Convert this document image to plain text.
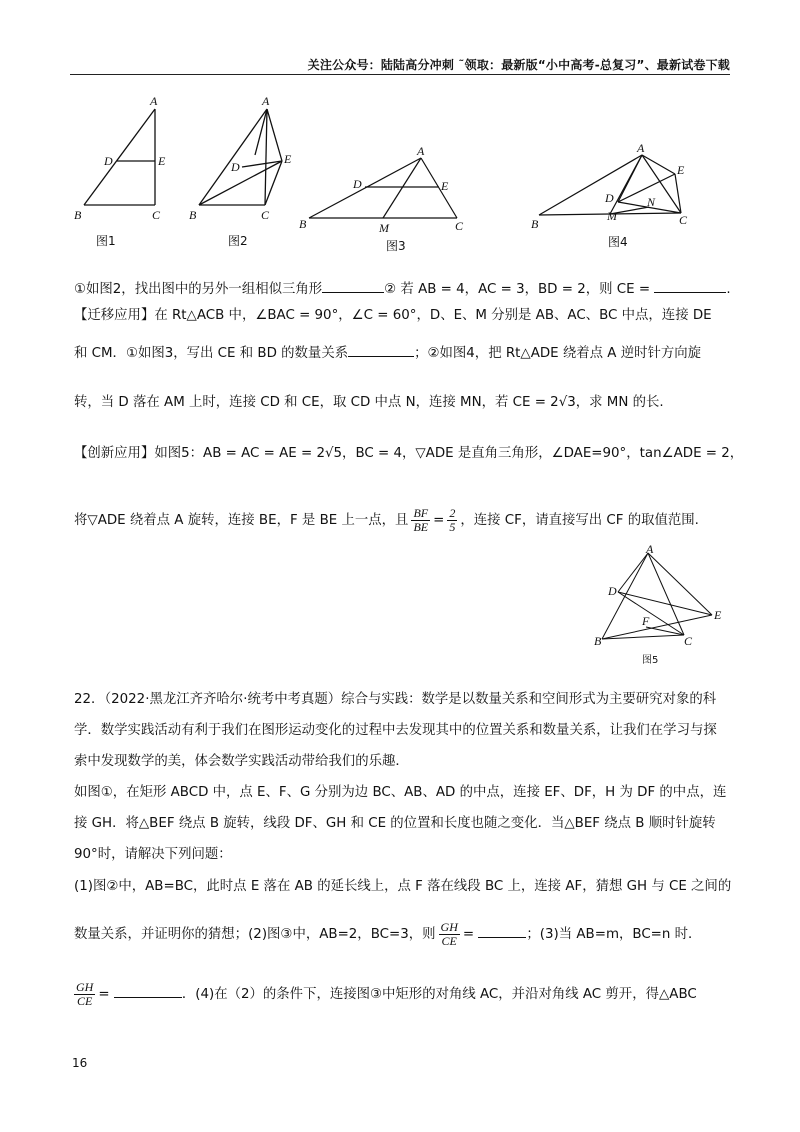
关注公众号：陆陆高分冲刺 ˜领取：最新版“小中高考-总复习”、最新试卷下载
A
D	E
B	C
图1
A
D
E
B	C
图2
A
D	E
B	M	C
图3
A
E
D	N
B
M	C
图4
①如图2，找出图中的另外一组相似三角形	② 若 AB = 4，AC = 3，BD = 2，则 CE =	.
【迁移应用】在 Rt△ACB 中，∠BAC = 90°，∠C = 60°，D、E、M 分别是 AB、AC、BC 中点，连接 DE
和 CM．①如图3，写出 CE 和 BD 的数量关系	；②如图4，把 Rt△ADE 绕着点 A 逆时针方向旋
转，当 D 落在 AM 上时，连接 CD 和 CE，取 CD 中点 N，连接 MN，若 CE = 2√3，求 MN 的长.
【创新应用】如图5：AB = AC = AE = 2√5，BC = 4，▽ADE 是直角三角形，∠DAE=90°，tan∠ADE = 2，
将▽ADE 绕着点 A 旋转，连接 BE，F 是 BE 上一点，且 $\frac{BF}{BE} = \frac{2}{5}$ ，连接 CF，请直接写出 CF 的取值范围.
A
D
E
F
B	C
图5
22．（2022·黑龙江齐齐哈尔·统考中考真题）综合与实践：数学是以数量关系和空间形式为主要研究对象的科学．数学实践活动有利于我们在图形运动变化的过程中去发现其中的位置关系和数量关系，让我们在学习与探索中发现数学的美，体会数学实践活动带给我们的乐趣．
如图①，在矩形 ABCD 中，点 E、F、G 分别为边 BC、AB、AD 的中点，连接 EF、DF，H 为 DF 的中点，连接 GH．将△BEF 绕点 B 旋转，线段 DF、GH 和 CE 的位置和长度也随之变化．当△BEF 绕点 B 顺时针旋转 90°时，请解决下列问题：
(1)图②中，AB=BC，此时点 E 落在 AB 的延长线上，点 F 落在线段 BC 上，连接 AF，猜想 GH 与 CE 之间的
数量关系，并证明你的猜想；(2)图③中，AB=2，BC=3，则 $\frac{GH}{CE}$ =	；(3)当 AB=m，BC=n 时．
$\frac{GH}{CE}$ =	．(4)在（2）的条件下，连接图③中矩形的对角线 AC，并沿对角线 AC 剪开，得△ABC
16
